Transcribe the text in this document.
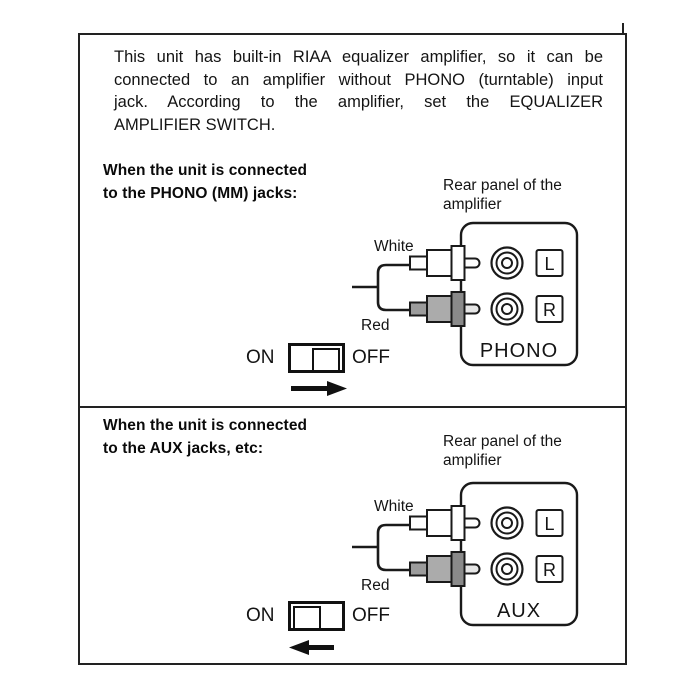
This unit has built-in RIAA equalizer amplifier, so it can be
connected to an amplifier without PHONO (turntable) input
jack. According to the amplifier, set the EQUALIZER
AMPLIFIER SWITCH.
When the unit is connected
to the PHONO (MM) jacks:	Rear panel of the
amplifier
L
R
PHONO
White
Red
ON	OFF
When the unit is connected
to the AUX jacks, etc:	Rear panel of the
amplifier
L
R
AUX
White
Red
ON	OFF
